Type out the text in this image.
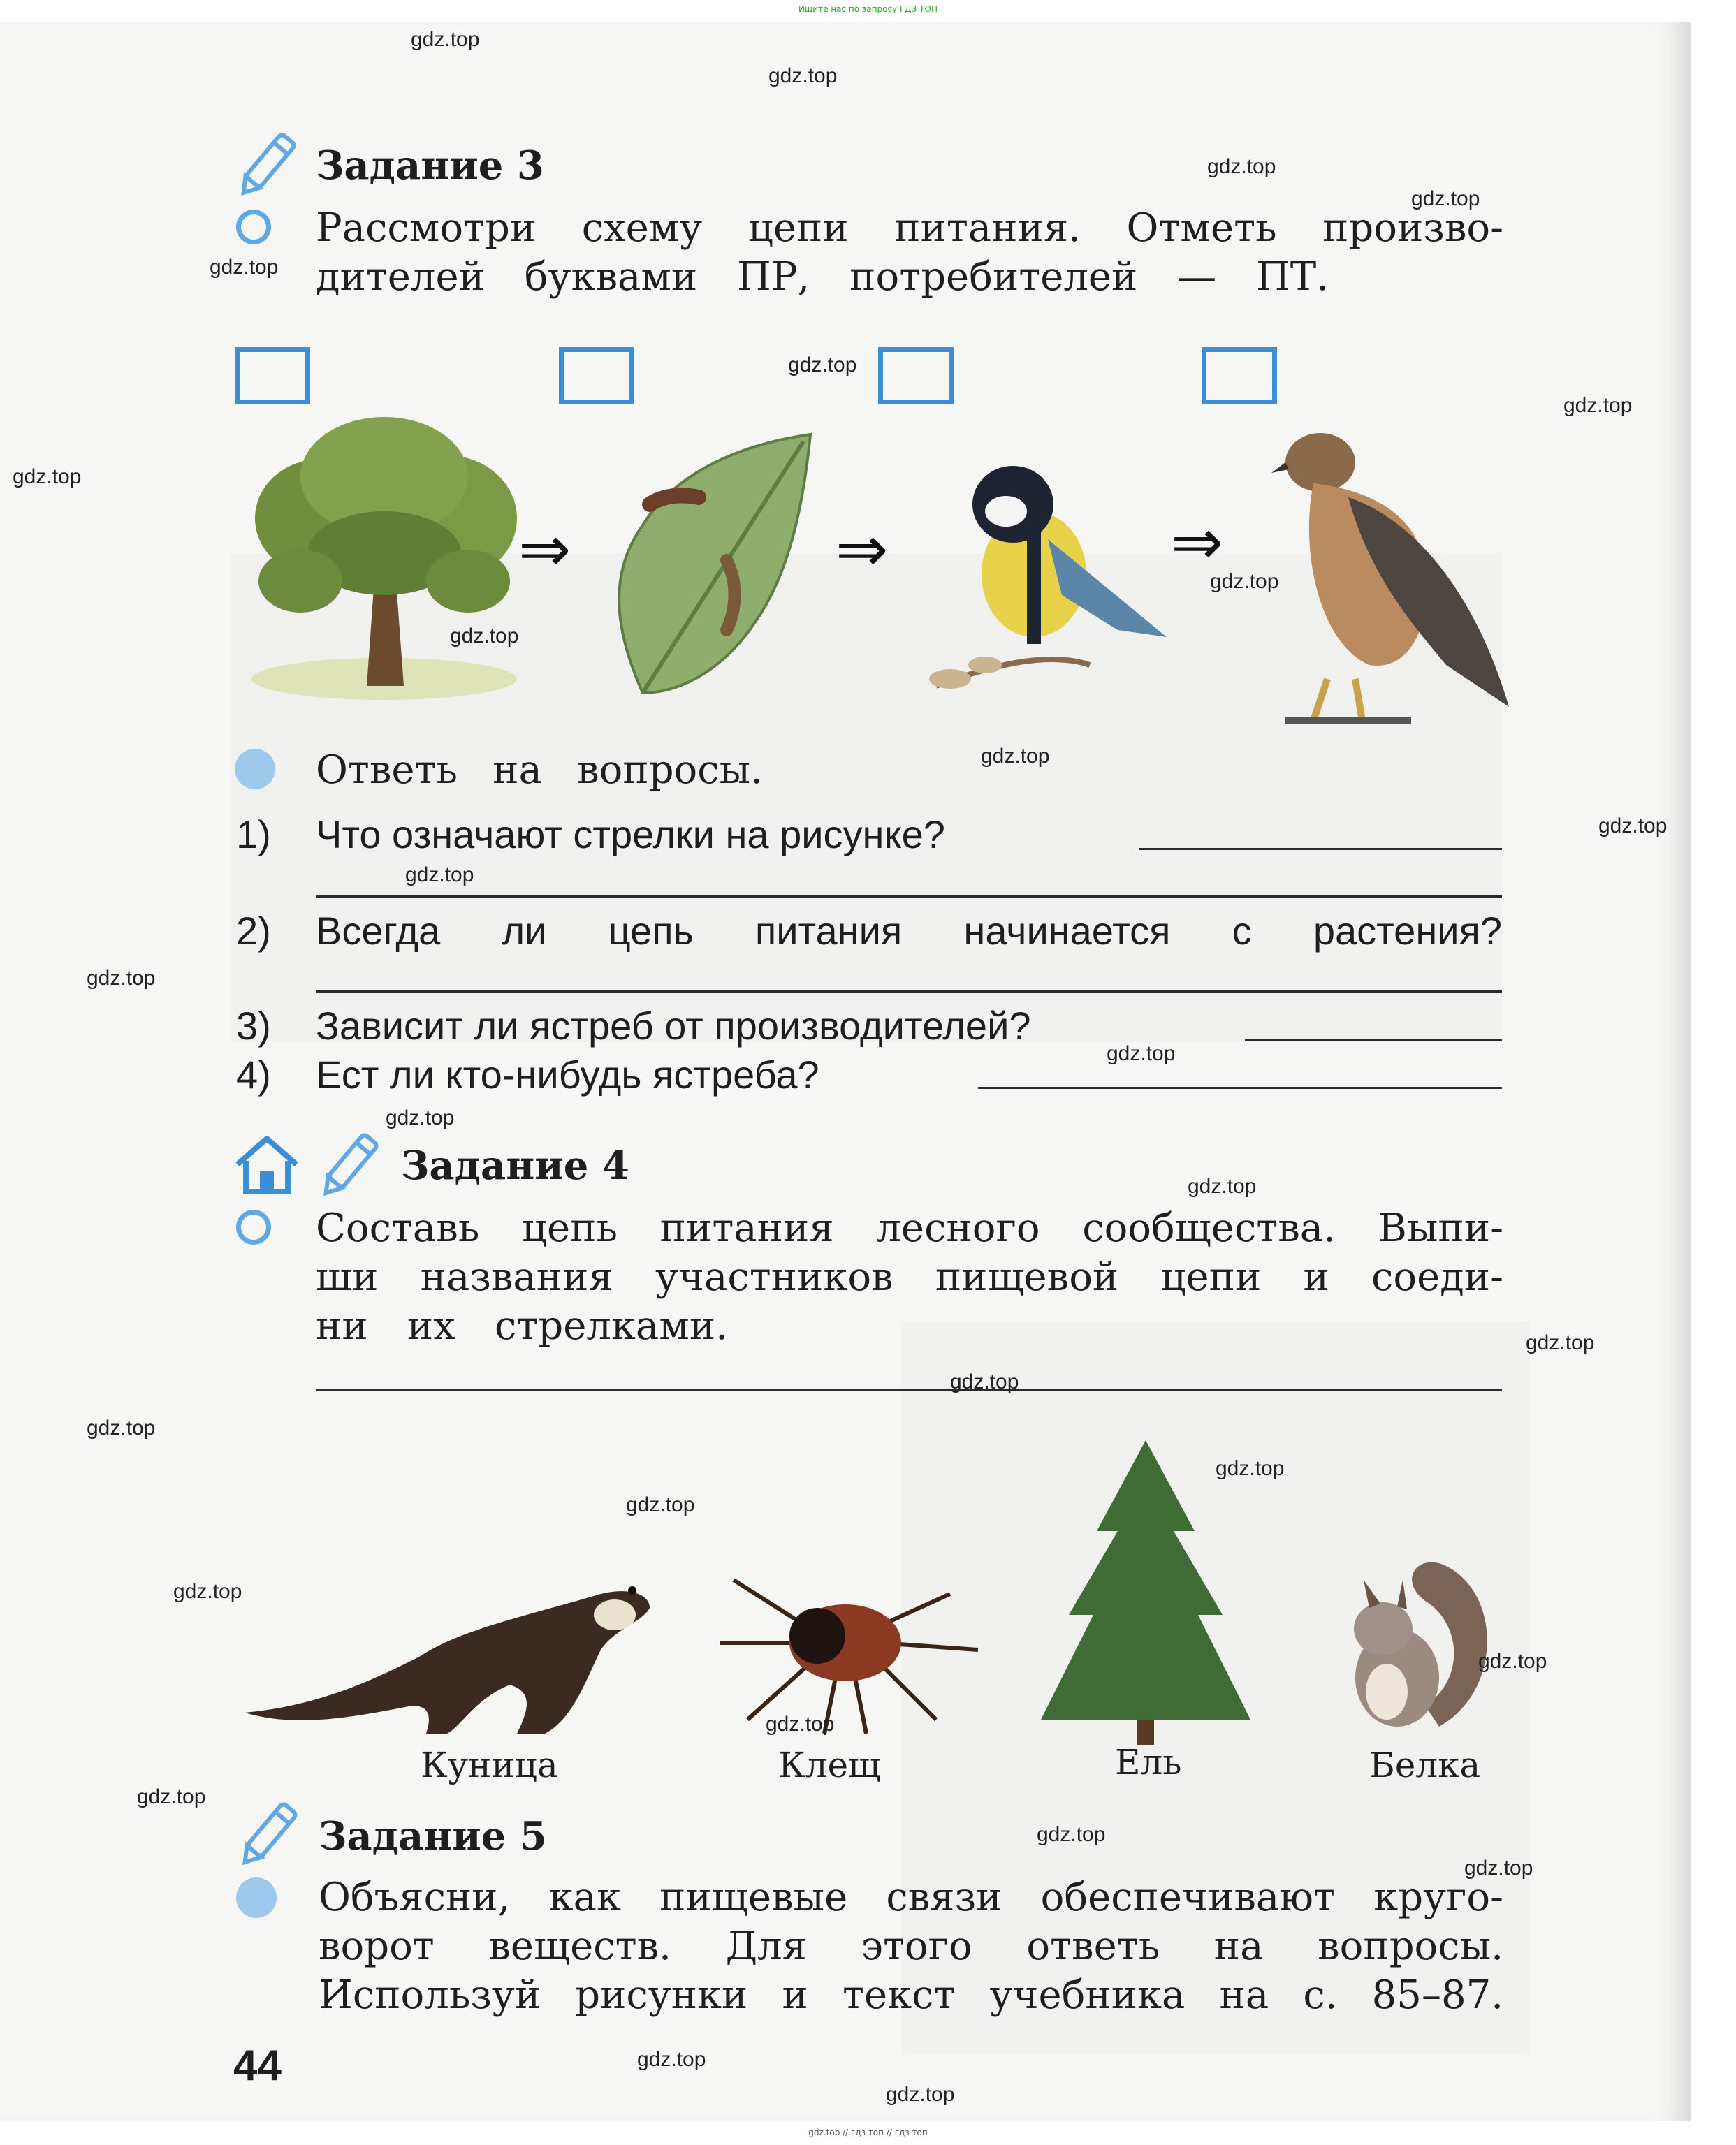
Ищите нас по запросу ГДЗ ТОП
Задание 3
Рассмотри схему цепи питания. Отметь произво-
дителей буквами ПР, потребителей — ПТ.
⇒	⇒	⇒
Ответь на вопросы.
1) Что означают стрелки на рисунке?
2) Всегда ли цепь питания начинается с растения?
3) Зависит ли ястреб от производителей?
4) Ест ли кто-нибудь ястреба?
Задание 4
Составь цепь питания лесного сообщества. Выпи-
ши названия участников пищевой цепи и соеди-
ни их стрелками.
Куница	Клещ	Ель	Белка
Задание 5
Объясни, как пищевые связи обеспечивают круго-
ворот веществ. Для этого ответь на вопросы.
Используй рисунки и текст учебника на с. 85–87.
44
gdz.top
gdz.top
gdz.top
gdz.top
gdz.top
gdz.top
gdz.top
gdz.top
gdz.top
gdz.top
gdz.top
gdz.top
gdz.top
gdz.top
gdz.top
gdz.top
gdz.top
gdz.top
gdz.top
gdz.top
gdz.top
gdz.top
gdz.top
gdz.top
gdz.top
gdz.top
gdz.top
gdz.top
gdz.top
gdz.top
gdz.top // гдз топ // гдз топ
